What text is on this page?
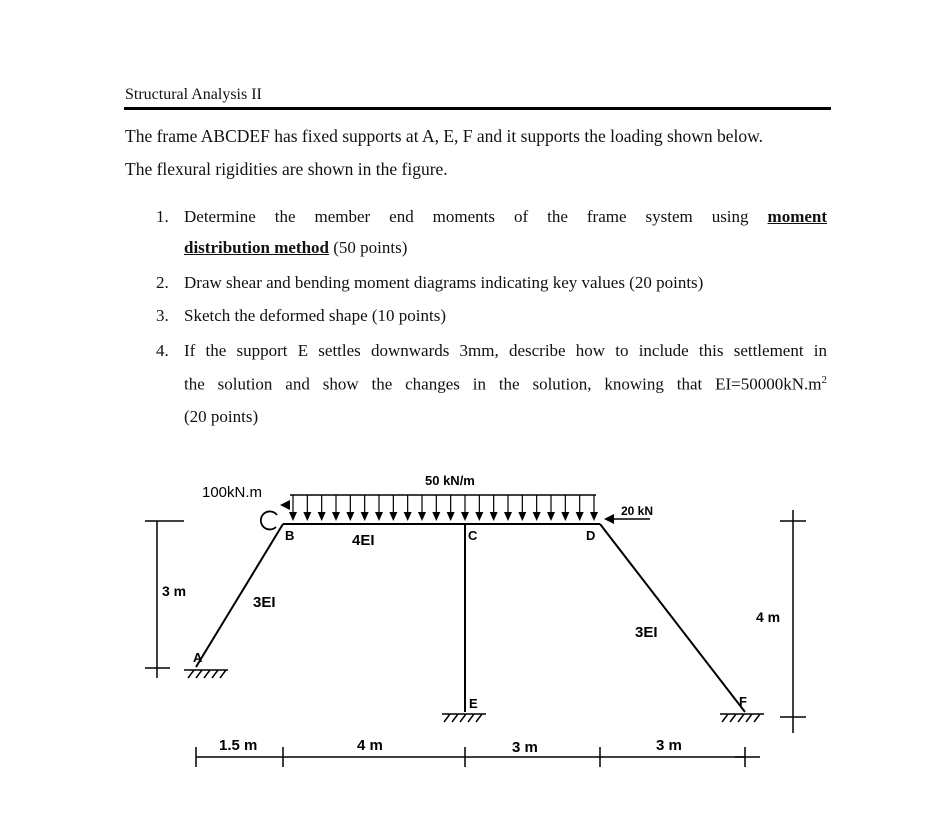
Structural Analysis II
The frame ABCDEF has fixed supports at A, E, F and it supports the loading shown below.
The flexural rigidities are shown in the figure.
1. Determine the member end moments of the frame system using moment
distribution method (50 points)
2. Draw shear and bending moment diagrams indicating key values (20 points)
3. Sketch the deformed shape (10 points)
4. If the support E settles downwards 3mm, describe how to include this settlement in
the solution and show the changes in the solution, knowing that $EI=50000kN.m^2$
(20 points)
100kN.m
50 kN/m
20 kN
B	C	D
A
E	F
4EI
3EI
3EI
3 m
4 m
1.5 m	4 m	3 m	3 m
